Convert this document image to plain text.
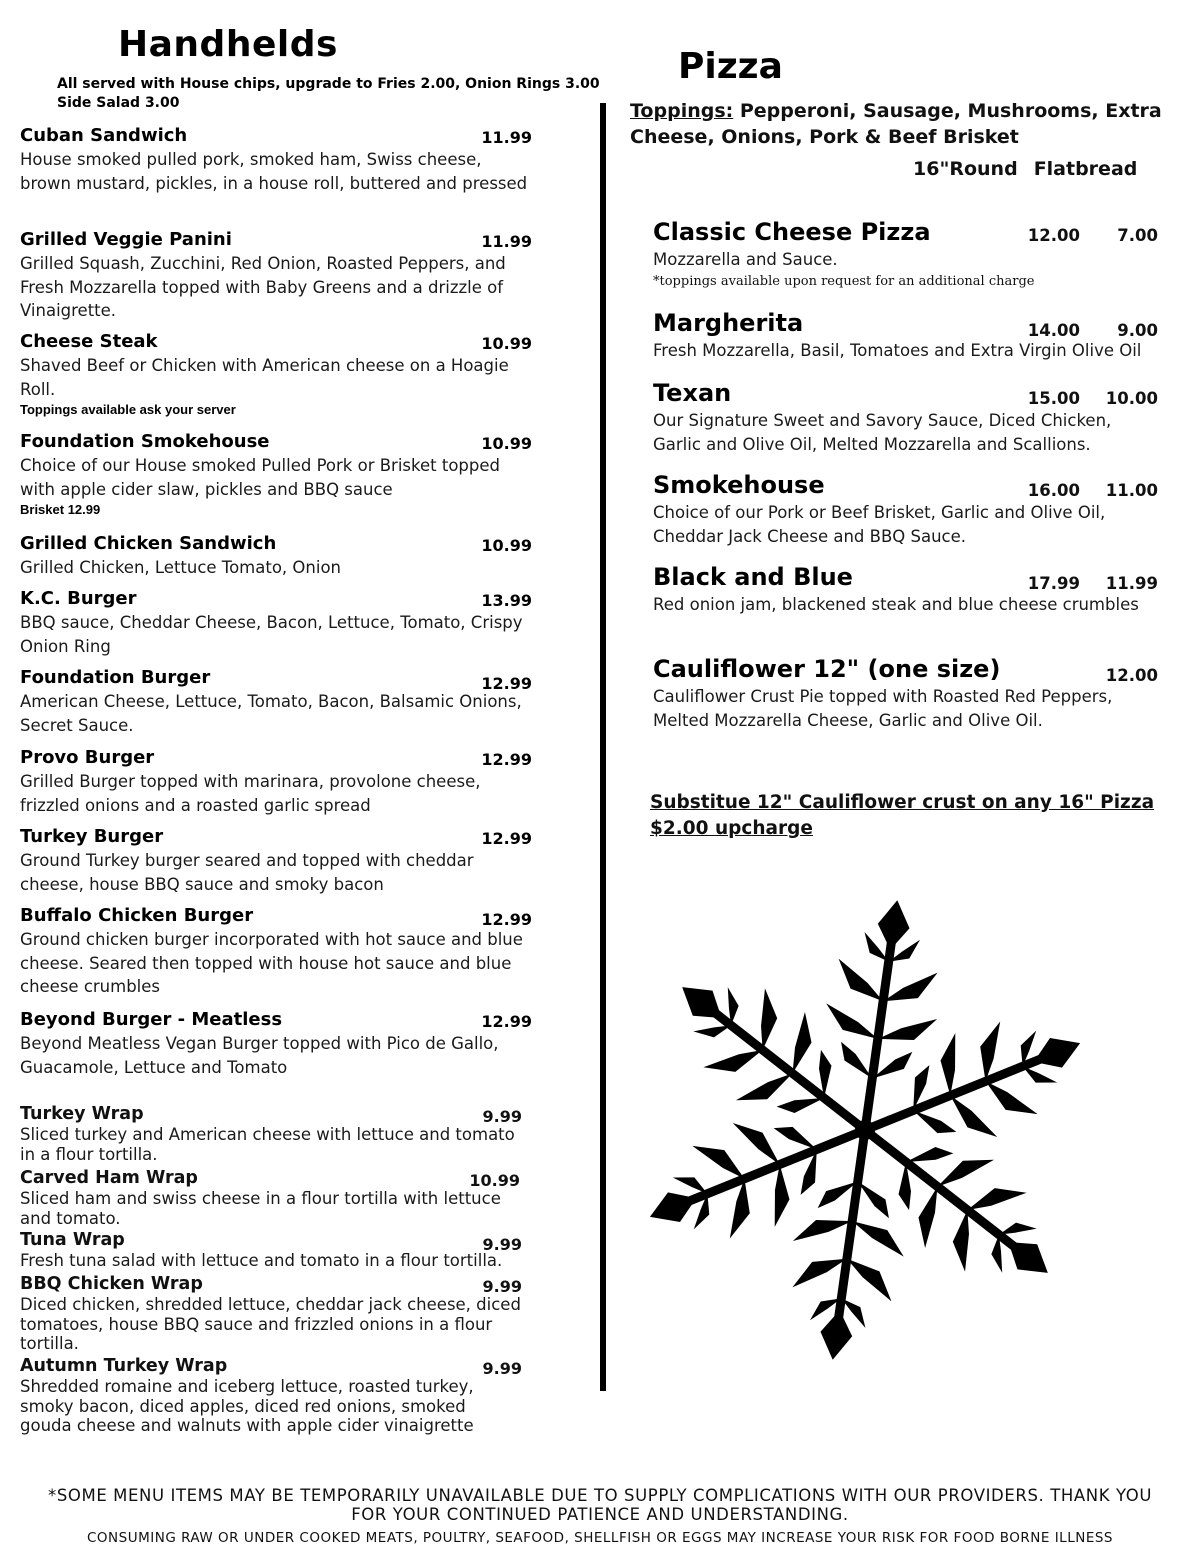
Handhelds
All served with House chips, upgrade to Fries 2.00, Onion Rings 3.00 Side Salad 3.00
Pizza
Cuban Sandwich	11.99
House smoked pulled pork, smoked ham, Swiss cheese, brown mustard, pickles, in a house roll, buttered and pressed
Grilled Veggie Panini	11.99
Grilled Squash, Zucchini, Red Onion, Roasted Peppers, and Fresh Mozzarella topped with Baby Greens and a drizzle of Vinaigrette.
Cheese Steak	10.99
Shaved Beef or Chicken with American cheese on a Hoagie Roll.
Toppings available ask your server
Foundation Smokehouse	10.99
Choice of our House smoked Pulled Pork or Brisket topped with apple cider slaw, pickles and BBQ sauce
Brisket 12.99
Grilled Chicken Sandwich	10.99
Grilled Chicken, Lettuce Tomato, Onion
K.C. Burger	13.99
BBQ sauce, Cheddar Cheese, Bacon, Lettuce, Tomato, Crispy Onion Ring
Foundation Burger	12.99
American Cheese, Lettuce, Tomato, Bacon, Balsamic Onions, Secret Sauce.
Provo Burger	12.99
Grilled Burger topped with marinara, provolone cheese, frizzled onions and a roasted garlic spread
Turkey Burger	12.99
Ground Turkey burger seared and topped with cheddar cheese, house BBQ sauce and smoky bacon
Buffalo Chicken Burger	12.99
Ground chicken burger incorporated with hot sauce and blue cheese. Seared then topped with house hot sauce and blue cheese crumbles
Beyond Burger - Meatless	12.99
Beyond Meatless Vegan Burger topped with Pico de Gallo, Guacamole, Lettuce and Tomato
Turkey Wrap	9.99
Sliced turkey and American cheese with lettuce and tomato in a flour tortilla.
Carved Ham Wrap	10.99
Sliced ham and swiss cheese in a flour tortilla with lettuce and tomato.
Tuna Wrap	9.99
Fresh tuna salad with lettuce and tomato in a flour tortilla.
BBQ Chicken Wrap	9.99
Diced chicken, shredded lettuce, cheddar jack cheese, diced tomatoes, house BBQ sauce and frizzled onions in a flour tortilla.
Autumn Turkey Wrap	9.99
Shredded romaine and iceberg lettuce, roasted turkey, smoky bacon, diced apples, diced red onions, smoked gouda cheese and walnuts with apple cider vinaigrette
Toppings: Pepperoni, Sausage, Mushrooms, Extra Cheese, Onions, Pork & Beef Brisket
16"Round Flatbread
Classic Cheese Pizza	12.00 7.00
Mozzarella and Sauce.
*toppings available upon request for an additional charge
Margherita	14.00 9.00
Fresh Mozzarella, Basil, Tomatoes and Extra Virgin Olive Oil
Texan	15.00 10.00
Our Signature Sweet and Savory Sauce, Diced Chicken, Garlic and Olive Oil, Melted Mozzarella and Scallions.
Smokehouse	16.00 11.00
Choice of our Pork or Beef Brisket, Garlic and Olive Oil, Cheddar Jack Cheese and BBQ Sauce.
Black and Blue	17.99 11.99
Red onion jam, blackened steak and blue cheese crumbles
Cauliflower 12" (one size)	12.00
Cauliflower Crust Pie topped with Roasted Red Peppers, Melted Mozzarella Cheese, Garlic and Olive Oil.
Substitue 12" Cauliflower crust on any 16" Pizza $2.00 upcharge
*SOME MENU ITEMS MAY BE TEMPORARILY UNAVAILABLE DUE TO SUPPLY COMPLICATIONS WITH OUR PROVIDERS. THANK YOU FOR YOUR CONTINUED PATIENCE AND UNDERSTANDING.
CONSUMING RAW OR UNDER COOKED MEATS, POULTRY, SEAFOOD, SHELLFISH OR EGGS MAY INCREASE YOUR RISK FOR FOOD BORNE ILLNESS
